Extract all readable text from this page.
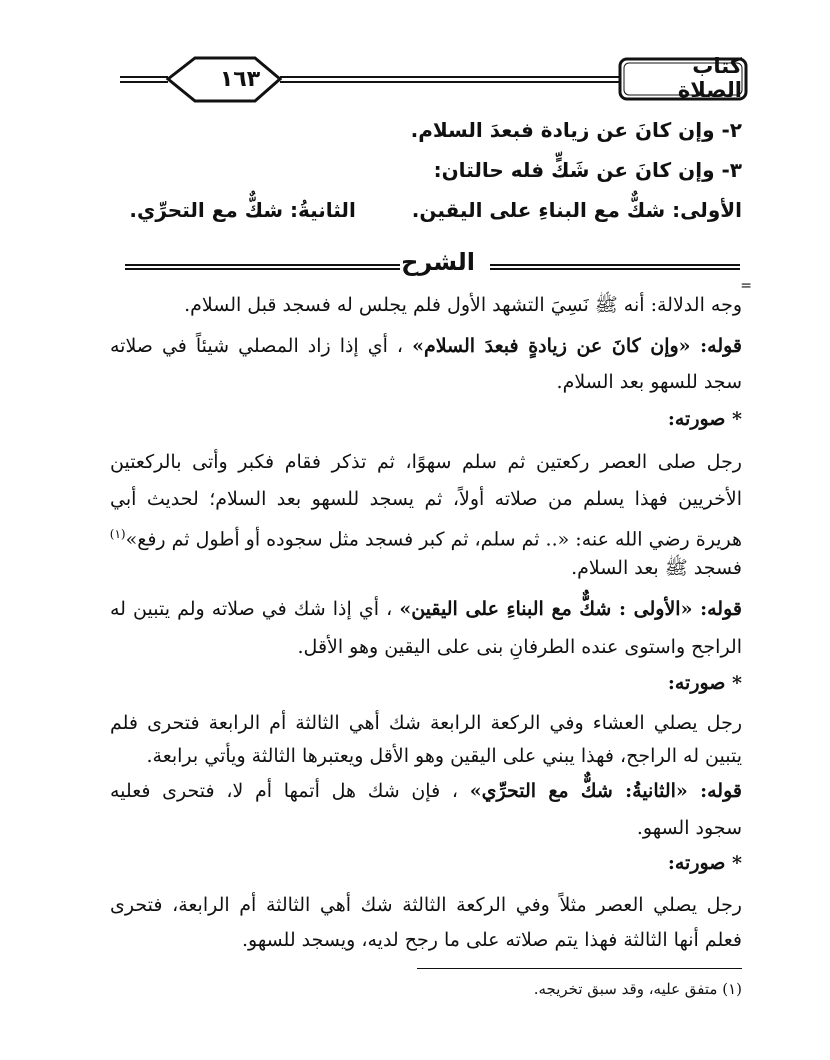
١٦٣
كتاب الصلاة
٢- وإن كانَ عن زيادة فبعدَ السلام.
٣- وإن كانَ عن شَكٍّ فله حالتان:
الأولى: شكٌّ مع البناءِ على اليقين.  الثانيةُ: شكٌّ مع التحرِّي.
الشرح
=
وجه الدلالة: أنه ﷺ نَسِيَ التشهد الأول فلم يجلس له فسجد قبل السلام.
قوله: «وإن كانَ عن زيادةٍ فبعدَ السلام» ، أي إذا زاد المصلي شيئاً في صلاته
سجد للسهو بعد السلام.
* صورته:
رجل صلى العصر ركعتين ثم سلم سهوًا، ثم تذكر فقام فكبر وأتى بالركعتين
الأخريين فهذا يسلم من صلاته أولاً، ثم يسجد للسهو بعد السلام؛ لحديث أبي
هريرة رضي الله عنه: «.. ثم سلم، ثم كبر فسجد مثل سجوده أو أطول ثم رفع»$^{(١)}$
فسجد ﷺ بعد السلام.
قوله: «الأولى : شكٌّ مع البناءِ على اليقين» ، أي إذا شك في صلاته ولم يتبين له
الراجح واستوى عنده الطرفانِ بنى على اليقين وهو الأقل.
* صورته:
رجل يصلي العشاء وفي الركعة الرابعة شك أهي الثالثة أم الرابعة فتحرى فلم
يتبين له الراجح، فهذا يبني على اليقين وهو الأقل ويعتبرها الثالثة ويأتي برابعة.
قوله: «الثانيةُ: شكٌّ مع التحرِّي» ، فإن شك هل أتمها أم لا، فتحرى فعليه
سجود السهو.
* صورته:
رجل يصلي العصر مثلاً وفي الركعة الثالثة شك أهي الثالثة أم الرابعة، فتحرى
فعلم أنها الثالثة فهذا يتم صلاته على ما رجح لديه، ويسجد للسهو.
(١) متفق عليه، وقد سبق تخريجه.
